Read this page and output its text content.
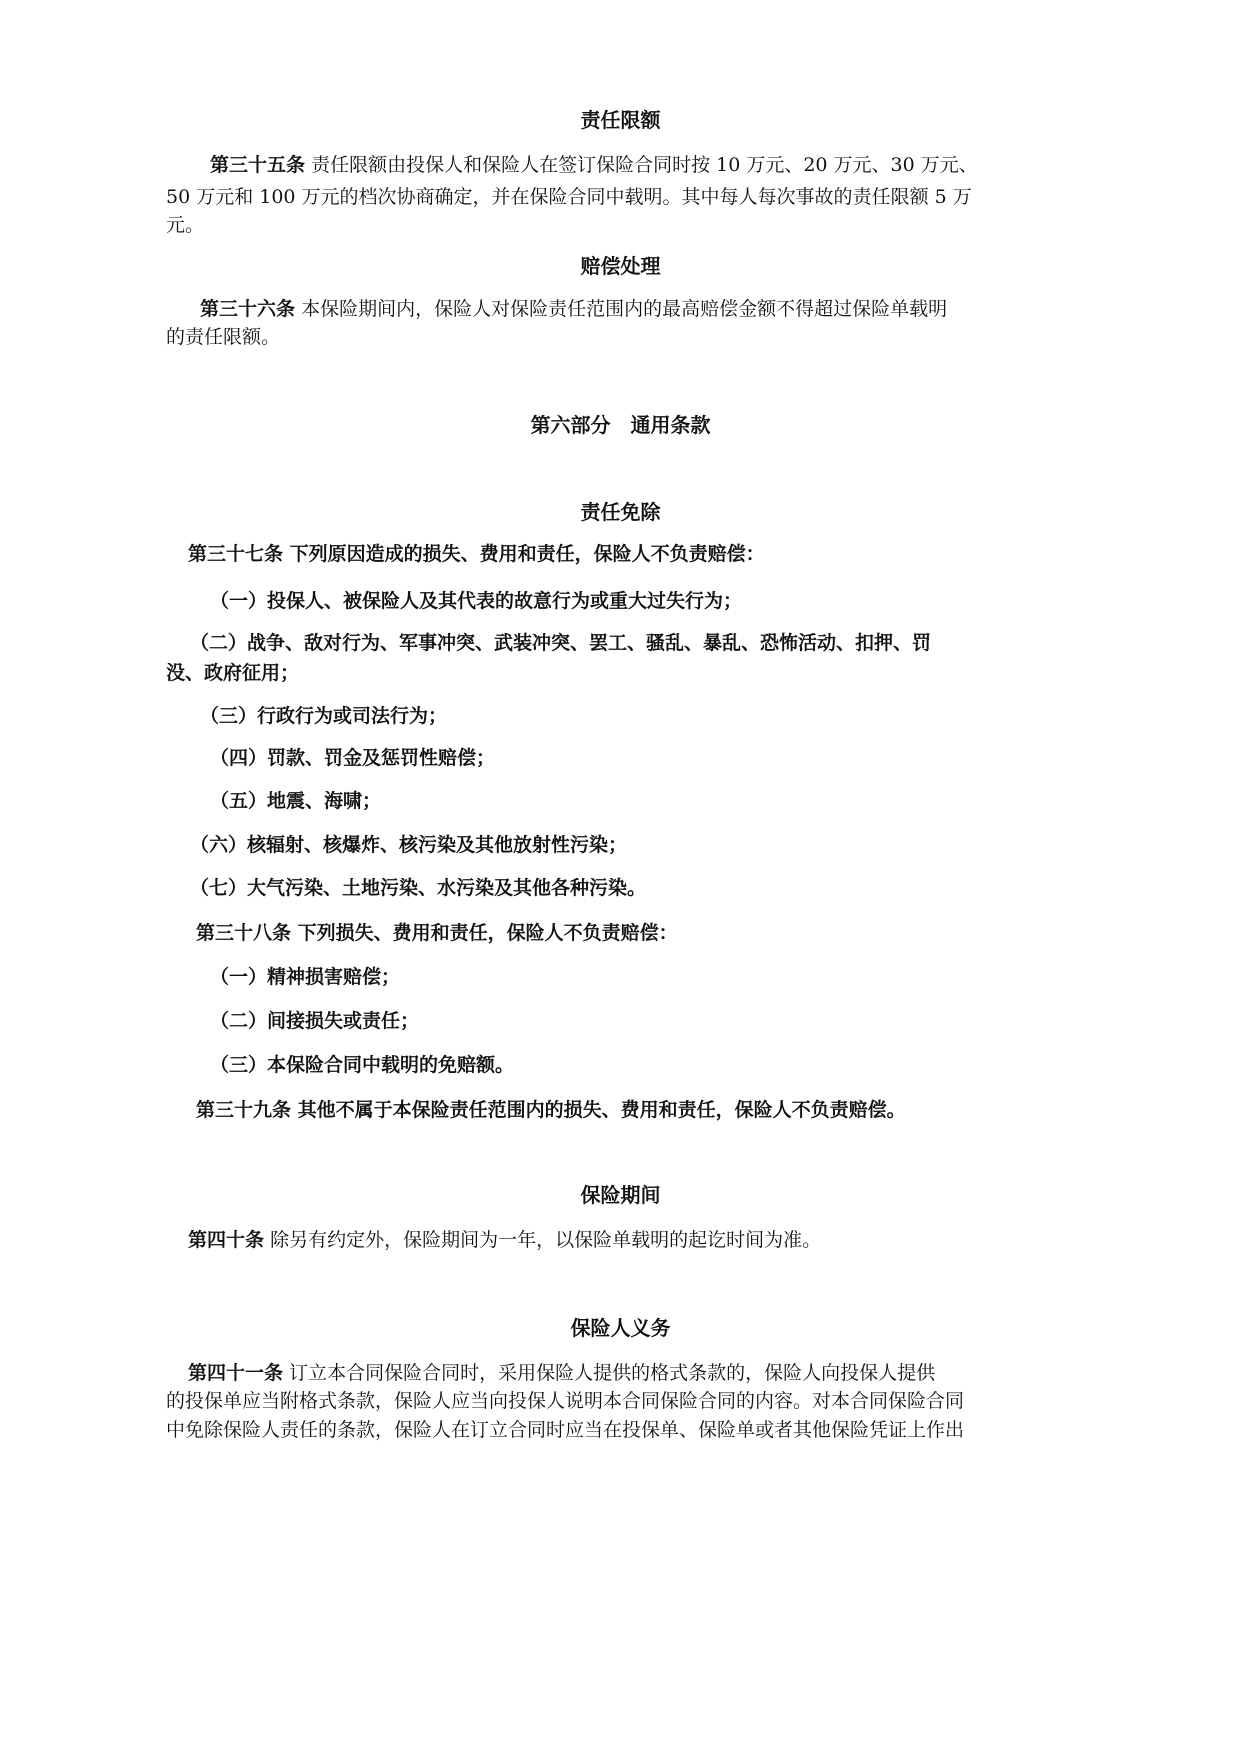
责任限额
第三十五条 责任限额由投保人和保险人在签订保险合同时按 10 万元、20 万元、30 万元、
50 万元和 100 万元的档次协商确定，并在保险合同中载明。其中每人每次事故的责任限额 5 万
元。
赔偿处理
第三十六条 本保险期间内，保险人对保险责任范围内的最高赔偿金额不得超过保险单载明
的责任限额。
第六部分　通用条款
责任免除
第三十七条 下列原因造成的损失、费用和责任，保险人不负责赔偿：
（一）投保人、被保险人及其代表的故意行为或重大过失行为；
（二）战争、敌对行为、军事冲突、武装冲突、罢工、骚乱、暴乱、恐怖活动、扣押、罚
没、政府征用；
（三）行政行为或司法行为；
（四）罚款、罚金及惩罚性赔偿；
（五）地震、海啸；
（六）核辐射、核爆炸、核污染及其他放射性污染；
（七）大气污染、土地污染、水污染及其他各种污染。
第三十八条 下列损失、费用和责任，保险人不负责赔偿：
（一）精神损害赔偿；
（二）间接损失或责任；
（三）本保险合同中载明的免赔额。
第三十九条 其他不属于本保险责任范围内的损失、费用和责任，保险人不负责赔偿。
保险期间
第四十条 除另有约定外，保险期间为一年，以保险单载明的起讫时间为准。
保险人义务
第四十一条 订立本合同保险合同时，采用保险人提供的格式条款的，保险人向投保人提供
的投保单应当附格式条款，保险人应当向投保人说明本合同保险合同的内容。对本合同保险合同
中免除保险人责任的条款，保险人在订立合同时应当在投保单、保险单或者其他保险凭证上作出
